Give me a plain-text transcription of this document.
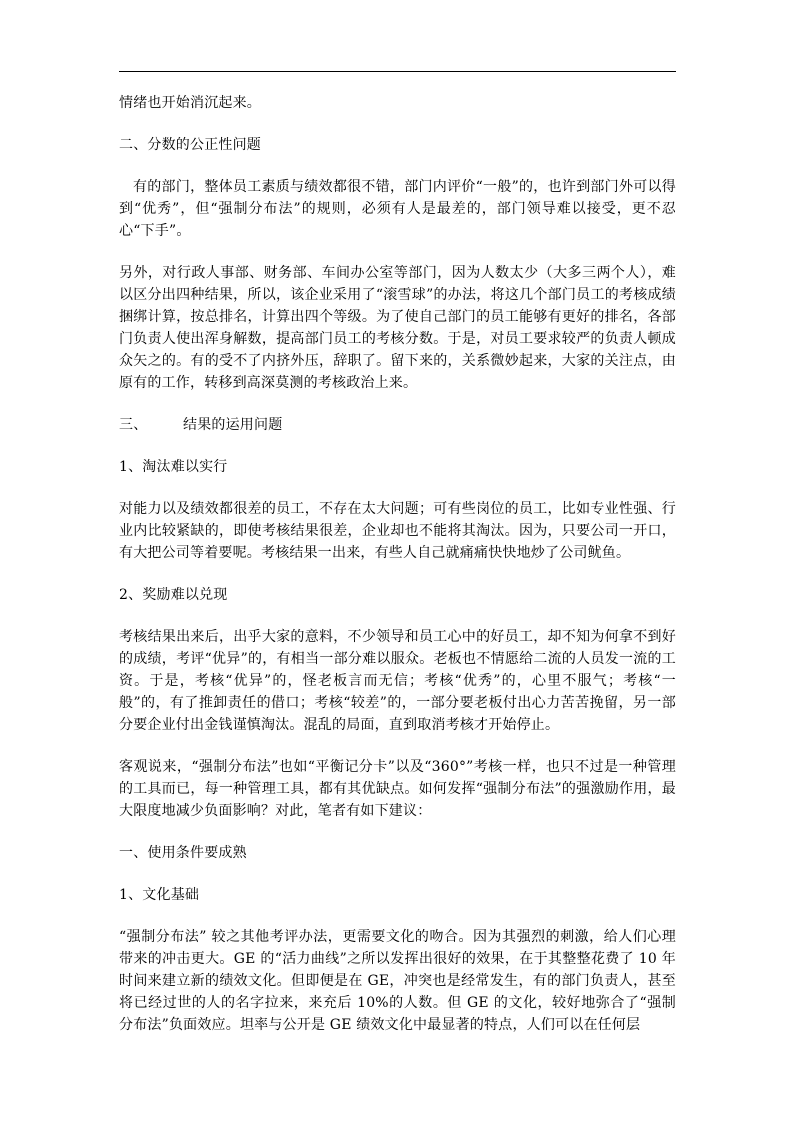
情绪也开始消沉起来。

二、分数的公正性问题

有的部门，整体员工素质与绩效都很不错，部门内评价“一般”的，也许到部门外可以得到“优秀”，但“强制分布法”的规则，必须有人是最差的，部门领导难以接受，更不忍心“下手”。

另外，对行政人事部、财务部、车间办公室等部门，因为人数太少（大多三两个人），难以区分出四种结果，所以，该企业采用了“滚雪球”的办法，将这几个部门员工的考核成绩捆绑计算，按总排名，计算出四个等级。为了使自己部门的员工能够有更好的排名，各部门负责人使出浑身解数，提高部门员工的考核分数。于是，对员工要求较严的负责人顿成众矢之的。有的受不了内挤外压，辞职了。留下来的，关系微妙起来，大家的关注点，由原有的工作，转移到高深莫测的考核政治上来。

三、	结果的运用问题

1、淘汰难以实行

对能力以及绩效都很差的员工，不存在太大问题；可有些岗位的员工，比如专业性强、行业内比较紧缺的，即使考核结果很差，企业却也不能将其淘汰。因为，只要公司一开口，有大把公司等着要呢。考核结果一出来，有些人自己就痛痛快快地炒了公司鱿鱼。

2、奖励难以兑现

考核结果出来后，出乎大家的意料，不少领导和员工心中的好员工，却不知为何拿不到好的成绩，考评“优异”的，有相当一部分难以服众。老板也不情愿给二流的人员发一流的工资。于是，考核“优异”的，怪老板言而无信；考核“优秀”的，心里不服气；考核“一般”的，有了推卸责任的借口；考核“较差”的，一部分要老板付出心力苦苦挽留，另一部分要企业付出金钱谨慎淘汰。混乱的局面，直到取消考核才开始停止。

客观说来，“强制分布法”也如“平衡记分卡”以及“360°”考核一样，也只不过是一种管理的工具而已，每一种管理工具，都有其优缺点。如何发挥“强制分布法”的强激励作用，最大限度地减少负面影响？对此，笔者有如下建议：

一、使用条件要成熟

1、文化基础

“强制分布法” 较之其他考评办法，更需要文化的吻合。因为其强烈的刺激，给人们心理带来的冲击更大。GE 的“活力曲线”之所以发挥出很好的效果，在于其整整花费了 10 年时间来建立新的绩效文化。但即便是在 GE，冲突也是经常发生，有的部门负责人，甚至将已经过世的人的名字拉来，来充后 10%的人数。但 GE 的文化，较好地弥合了“强制分布法”负面效应。坦率与公开是 GE 绩效文化中最显著的特点，人们可以在任何层
